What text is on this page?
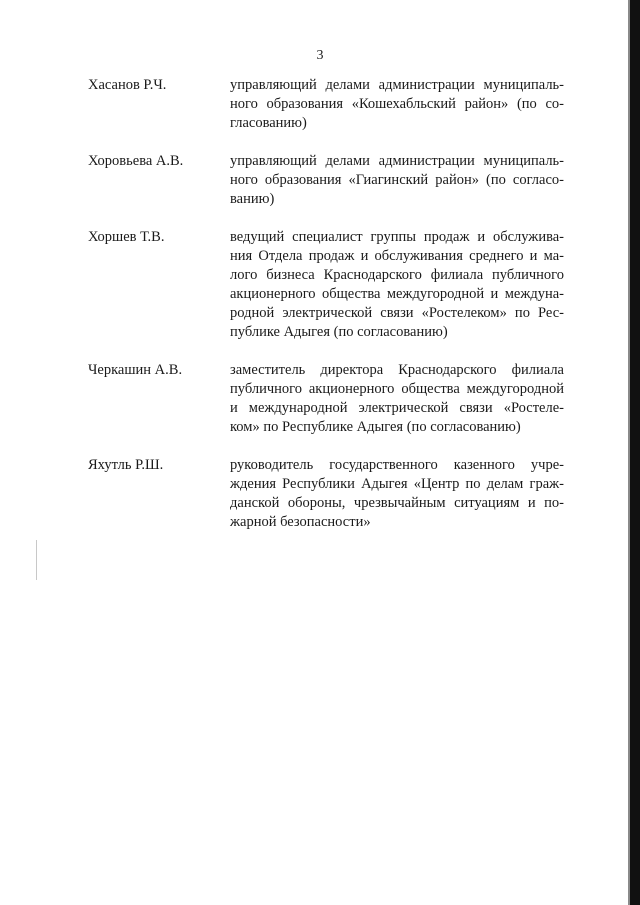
3
Хасанов Р.Ч.	управляющий делами администрации муниципаль-
ного образования «Кошехабльский район» (по со-
гласованию)
Хоровьева А.В.	управляющий делами администрации муниципаль-
ного образования «Гиагинский район» (по согласо-
ванию)
Хоршев Т.В.	ведущий специалист группы продаж и обслужива-
ния Отдела продаж и обслуживания среднего и ма-
лого бизнеса Краснодарского филиала публичного
акционерного общества междугородной и междуна-
родной электрической связи «Ростелеком» по Рес-
публике Адыгея (по согласованию)
Черкашин А.В.	заместитель директора Краснодарского филиала
публичного акционерного общества междугородной
и международной электрической связи «Ростеле-
ком» по Республике Адыгея (по согласованию)
Яхутль Р.Ш.	руководитель государственного казенного учре-
ждения Республики Адыгея «Центр по делам граж-
данской обороны, чрезвычайным ситуациям и по-
жарной безопасности»
